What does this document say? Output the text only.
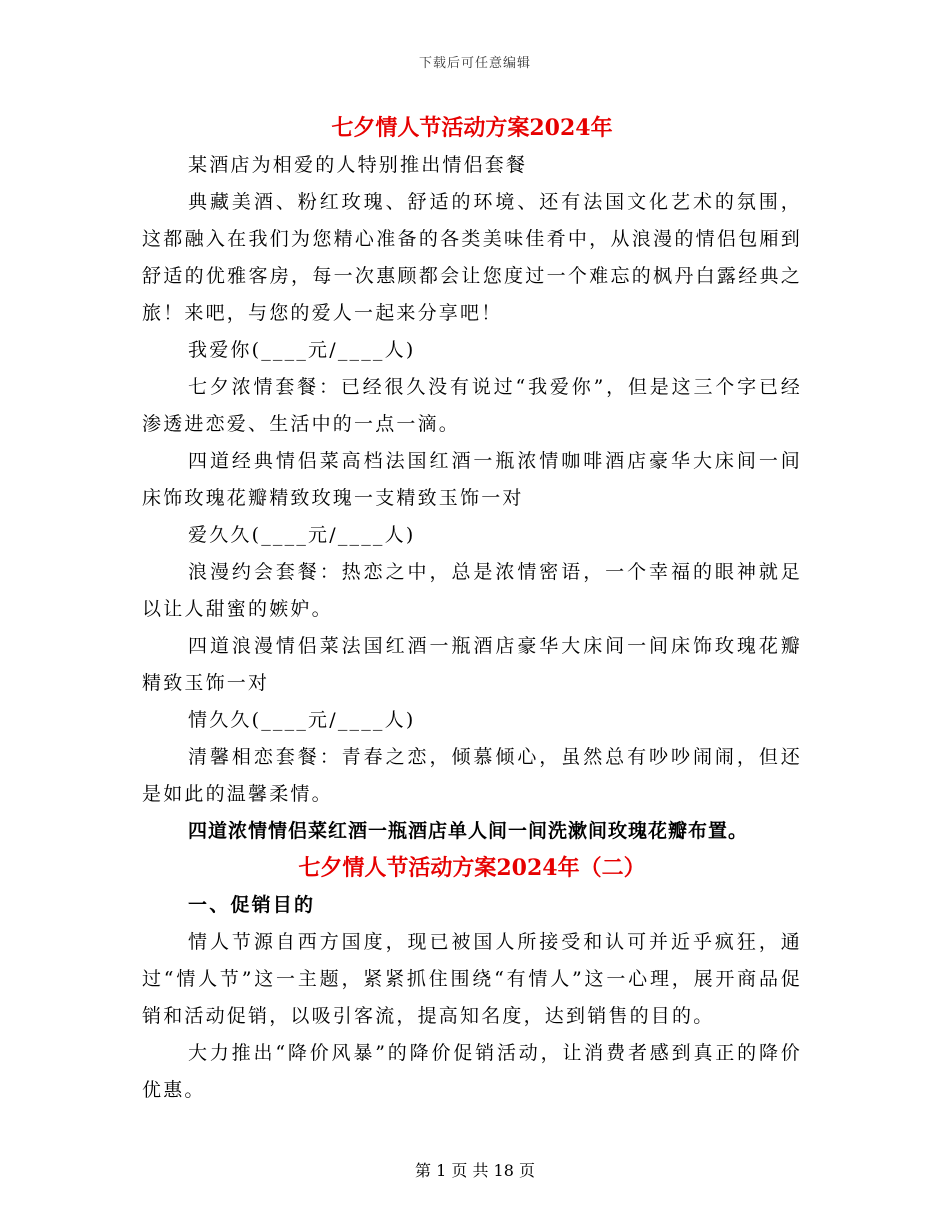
下载后可任意编辑
七夕情人节活动方案2024年
某酒店为相爱的人特别推出情侣套餐
典藏美酒、粉红玫瑰、舒适的环境、还有法国文化艺术的氛围，这都融入在我们为您精心准备的各类美味佳肴中，从浪漫的情侣包厢到舒适的优雅客房，每一次惠顾都会让您度过一个难忘的枫丹白露经典之旅！来吧，与您的爱人一起来分享吧！
我爱你(____元/____人)
七夕浓情套餐：已经很久没有说过“我爱你”，但是这三个字已经渗透进恋爱、生活中的一点一滴。
四道经典情侣菜高档法国红酒一瓶浓情咖啡酒店豪华大床间一间床饰玫瑰花瓣精致玫瑰一支精致玉饰一对
爱久久(____元/____人)
浪漫约会套餐：热恋之中，总是浓情密语，一个幸福的眼神就足以让人甜蜜的嫉妒。
四道浪漫情侣菜法国红酒一瓶酒店豪华大床间一间床饰玫瑰花瓣精致玉饰一对
情久久(____元/____人)
清馨相恋套餐：青春之恋，倾慕倾心，虽然总有吵吵闹闹，但还是如此的温馨柔情。
四道浓情情侣菜红酒一瓶酒店单人间一间洗漱间玫瑰花瓣布置。
七夕情人节活动方案2024年（二）
一、促销目的
情人节源自西方国度，现已被国人所接受和认可并近乎疯狂，通过“情人节”这一主题，紧紧抓住围绕“有情人”这一心理，展开商品促销和活动促销，以吸引客流，提高知名度，达到销售的目的。
大力推出“降价风暴”的降价促销活动，让消费者感到真正的降价优惠。
第 1 页 共 18 页
